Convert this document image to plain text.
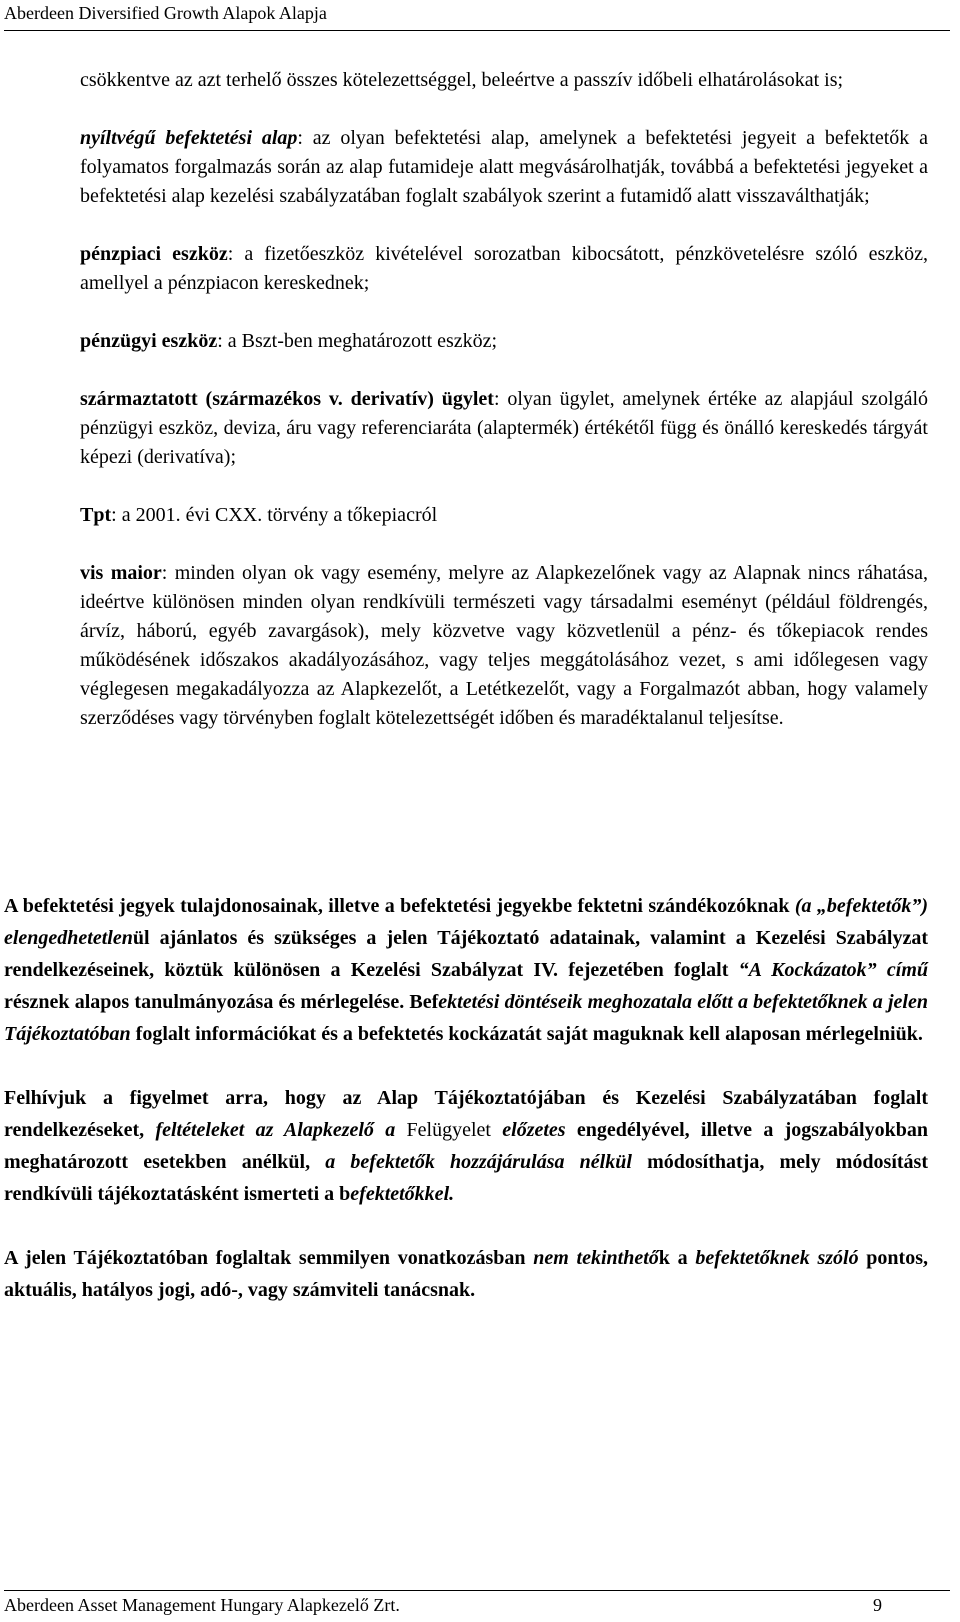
Aberdeen Diversified Growth Alapok Alapja

csökkentve az azt terhelő összes kötelezettséggel, beleértve a passzív időbeli elhatárolásokat is;

nyíltvégű befektetési alap: az olyan befektetési alap, amelynek a befektetési jegyeit a befektetők a folyamatos forgalmazás során az alap futamideje alatt megvásárolhatják, továbbá a befektetési jegyeket a befektetési alap kezelési szabályzatában foglalt szabályok szerint a futamidő alatt visszaválthatják;

pénzpiaci eszköz: a fizetőeszköz kivételével sorozatban kibocsátott, pénzkövetelésre szóló eszköz, amellyel a pénzpiacon kereskednek;

pénzügyi eszköz: a Bszt-ben meghatározott eszköz;

származtatott (származékos v. derivatív) ügylet: olyan ügylet, amelynek értéke az alapjául szolgáló pénzügyi eszköz, deviza, áru vagy referenciaráta (alaptermék) értékétől függ és önálló kereskedés tárgyát képezi (derivatíva);

Tpt: a 2001. évi CXX. törvény a tőkepiacról

vis maior: minden olyan ok vagy esemény, melyre az Alapkezelőnek vagy az Alapnak nincs ráhatása, ideértve különösen minden olyan rendkívüli természeti vagy társadalmi eseményt (például földrengés, árvíz, háború, egyéb zavargások), mely közvetve vagy közvetlenül a pénz- és tőkepiacok rendes működésének időszakos akadályozásához, vagy teljes meggátolásához vezet, s ami időlegesen vagy véglegesen megakadályozza az Alapkezelőt, a Letétkezelőt, vagy a Forgalmazót abban, hogy valamely szerződéses vagy törvényben foglalt kötelezettségét időben és maradéktalanul teljesítse.

A befektetési jegyek tulajdonosainak, illetve a befektetési jegyekbe fektetni szándékozóknak (a „befektetők”) elengedhetetlenül ajánlatos és szükséges a jelen Tájékoztató adatainak, valamint a Kezelési Szabályzat rendelkezéseinek, köztük különösen a Kezelési Szabályzat IV. fejezetében foglalt “A Kockázatok” című résznek alapos tanulmányozása és mérlegelése. Befektetési döntéseik meghozatala előtt a befektetőknek a jelen Tájékoztatóban foglalt információkat és a befektetés kockázatát saját maguknak kell alaposan mérlegelniük.

Felhívjuk a figyelmet arra, hogy az Alap Tájékoztatójában és Kezelési Szabályzatában foglalt rendelkezéseket, feltételeket az Alapkezelő a Felügyelet előzetes engedélyével, illetve a jogszabályokban meghatározott esetekben anélkül, a befektetők hozzájárulása nélkül módosíthatja, mely módosítást rendkívüli tájékoztatásként ismerteti a befektetőkkel.

A jelen Tájékoztatóban foglaltak semmilyen vonatkozásban nem tekinthetők a befektetőknek szóló pontos, aktuális, hatályos jogi, adó-, vagy számviteli tanácsnak.

Aberdeen Asset Management Hungary Alapkezelő Zrt.	9
